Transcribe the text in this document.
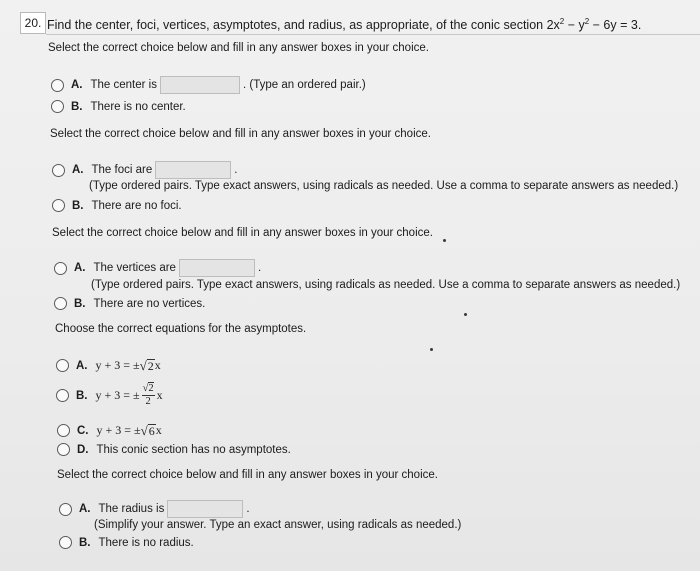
20. Find the center, foci, vertices, asymptotes, and radius, as appropriate, of the conic section $2x^2 - y^2 - 6y = 3$.
Select the correct choice below and fill in any answer boxes in your choice.
A. The center is	. (Type an ordered pair.)
B. There is no center.
Select the correct choice below and fill in any answer boxes in your choice.
A. The foci are	.
(Type ordered pairs. Type exact answers, using radicals as needed. Use a comma to separate answers as needed.)
B. There are no foci.
Select the correct choice below and fill in any answer boxes in your choice.
A. The vertices are	.
(Type ordered pairs. Type exact answers, using radicals as needed. Use a comma to separate answers as needed.)
B. There are no vertices.
Choose the correct equations for the asymptotes.
A. y + 3 = ± √ 2 x
B. y + 3 = ± $\frac{√2}{2}$ x
C. y + 3 = ± √ 6 x
D. This conic section has no asymptotes.
Select the correct choice below and fill in any answer boxes in your choice.
A. The radius is	.
(Simplify your answer. Type an exact answer, using radicals as needed.)
B. There is no radius.
